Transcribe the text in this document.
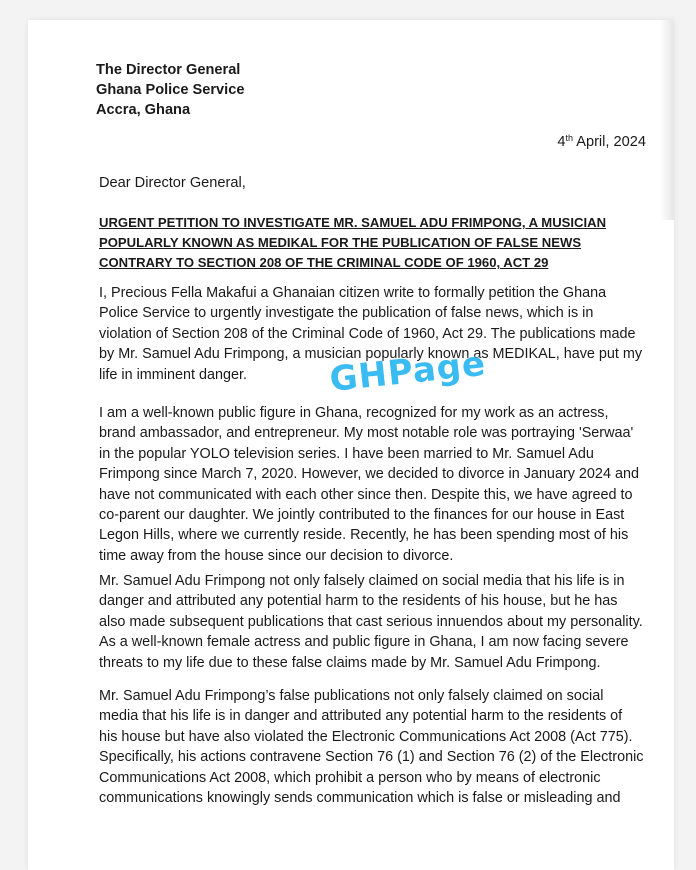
The Director General
Ghana Police Service
Accra, Ghana
4th April, 2024
Dear Director General,
URGENT PETITION TO INVESTIGATE MR. SAMUEL ADU FRIMPONG, A MUSICIAN
POPULARLY KNOWN AS MEDIKAL FOR THE PUBLICATION OF FALSE NEWS
CONTRARY TO SECTION 208 OF THE CRIMINAL CODE OF 1960, ACT 29
I, Precious Fella Makafui a Ghanaian citizen write to formally petition the Ghana
Police Service to urgently investigate the publication of false news, which is in
violation of Section 208 of the Criminal Code of 1960, Act 29. The publications made
by Mr. Samuel Adu Frimpong, a musician popularly known as MEDIKAL, have put my
life in imminent danger.
I am a well-known public figure in Ghana, recognized for my work as an actress,
brand ambassador, and entrepreneur. My most notable role was portraying 'Serwaa'
in the popular YOLO television series. I have been married to Mr. Samuel Adu
Frimpong since March 7, 2020. However, we decided to divorce in January 2024 and
have not communicated with each other since then. Despite this, we have agreed to
co-parent our daughter. We jointly contributed to the finances for our house in East
Legon Hills, where we currently reside. Recently, he has been spending most of his
time away from the house since our decision to divorce.
Mr. Samuel Adu Frimpong not only falsely claimed on social media that his life is in
danger and attributed any potential harm to the residents of his house, but he has
also made subsequent publications that cast serious innuendos about my personality.
As a well-known female actress and public figure in Ghana, I am now facing severe
threats to my life due to these false claims made by Mr. Samuel Adu Frimpong.
Mr. Samuel Adu Frimpong’s false publications not only falsely claimed on social
media that his life is in danger and attributed any potential harm to the residents of
his house but have also violated the Electronic Communications Act 2008 (Act 775).
Specifically, his actions contravene Section 76 (1) and Section 76 (2) of the Electronic
Communications Act 2008, which prohibit a person who by means of electronic
communications knowingly sends communication which is false or misleading and
GHPage
